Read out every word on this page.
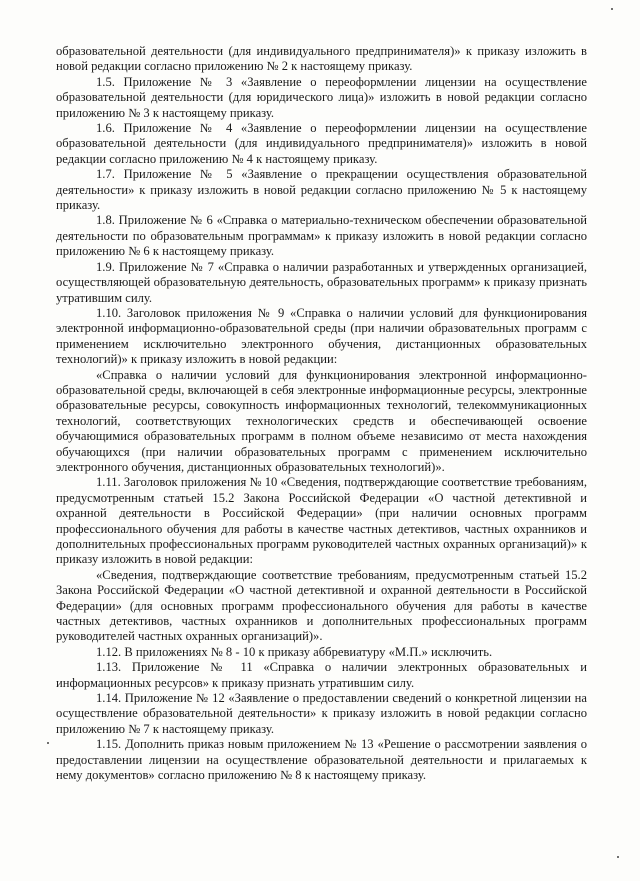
образовательной деятельности (для индивидуального предпринимателя)» к приказу изложить в новой редакции согласно приложению № 2 к настоящему приказу.

1.5. Приложение № 3 «Заявление о переоформлении лицензии на осуществление образовательной деятельности (для юридического лица)» изложить в новой редакции согласно приложению № 3 к настоящему приказу.

1.6. Приложение № 4 «Заявление о переоформлении лицензии на осуществление образовательной деятельности (для индивидуального предпринимателя)» изложить в новой редакции согласно приложению № 4 к настоящему приказу.

1.7. Приложение № 5 «Заявление о прекращении осуществления образовательной деятельности» к приказу изложить в новой редакции согласно приложению № 5 к настоящему приказу.

1.8. Приложение № 6 «Справка о материально-техническом обеспечении образовательной деятельности по образовательным программам» к приказу изложить в новой редакции согласно приложению № 6 к настоящему приказу.

1.9. Приложение № 7 «Справка о наличии разработанных и утвержденных организацией, осуществляющей образовательную деятельность, образовательных программ» к приказу признать утратившим силу.

1.10. Заголовок приложения № 9 «Справка о наличии условий для функционирования электронной информационно-образовательной среды (при наличии образовательных программ с применением исключительно электронного обучения, дистанционных образовательных технологий)» к приказу изложить в новой редакции:

«Справка о наличии условий для функционирования электронной информационно-образовательной среды, включающей в себя электронные информационные ресурсы, электронные образовательные ресурсы, совокупность информационных технологий, телекоммуникационных технологий, соответствующих технологических средств и обеспечивающей освоение обучающимися образовательных программ в полном объеме независимо от места нахождения обучающихся (при наличии образовательных программ с применением исключительно электронного обучения, дистанционных образовательных технологий)».

1.11. Заголовок приложения № 10 «Сведения, подтверждающие соответствие требованиям, предусмотренным статьей 15.2 Закона Российской Федерации «О частной детективной и охранной деятельности в Российской Федерации» (при наличии основных программ профессионального обучения для работы в качестве частных детективов, частных охранников и дополнительных профессиональных программ руководителей частных охранных организаций)» к приказу изложить в новой редакции:

«Сведения, подтверждающие соответствие требованиям, предусмотренным статьей 15.2 Закона Российской Федерации «О частной детективной и охранной деятельности в Российской Федерации» (для основных программ профессионального обучения для работы в качестве частных детективов, частных охранников и дополнительных профессиональных программ руководителей частных охранных организаций)».

1.12. В приложениях № 8 - 10 к приказу аббревиатуру «М.П.» исключить.

1.13. Приложение № 11 «Справка о наличии электронных образовательных и информационных ресурсов» к приказу признать утратившим силу.

1.14. Приложение № 12 «Заявление о предоставлении сведений о конкретной лицензии на осуществление образовательной деятельности» к приказу изложить в новой редакции согласно приложению № 7 к настоящему приказу.

1.15. Дополнить приказ новым приложением № 13 «Решение о рассмотрении заявления о предоставлении лицензии на осуществление образовательной деятельности и прилагаемых к нему документов» согласно приложению № 8 к настоящему приказу.
